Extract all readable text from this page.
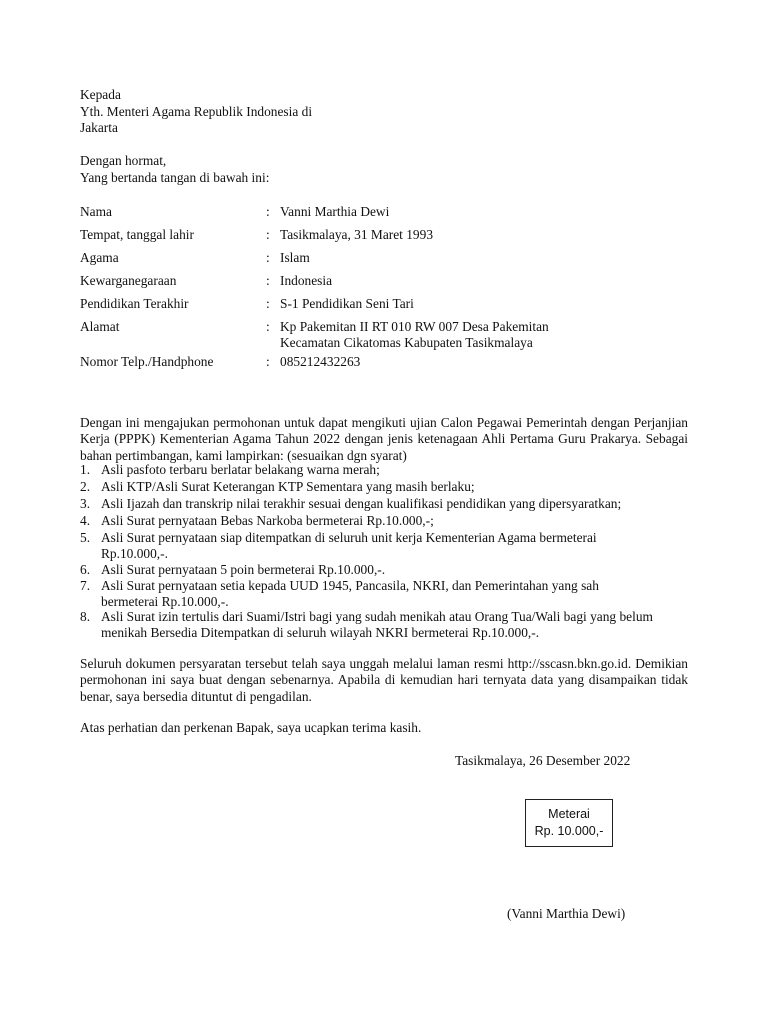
Kepada
Yth. Menteri Agama Republik Indonesia di
Jakarta
Dengan hormat,
Yang bertanda tangan di bawah ini:
Nama	: Vanni Marthia Dewi
Tempat, tanggal lahir	: Tasikmalaya, 31 Maret 1993
Agama	: Islam
Kewarganegaraan	: Indonesia
Pendidikan Terakhir	: S-1 Pendidikan Seni Tari
Alamat	: Kp Pakemitan II RT 010 RW 007 Desa Pakemitan
Kecamatan Cikatomas Kabupaten Tasikmalaya
Nomor Telp./Handphone	: 085212432263
Dengan ini mengajukan permohonan untuk dapat mengikuti ujian Calon Pegawai Pemerintah dengan Perjanjian Kerja (PPPK) Kementerian Agama Tahun 2022 dengan jenis ketenagaan Ahli Pertama Guru Prakarya. Sebagai bahan pertimbangan, kami lampirkan: (sesuaikan dgn syarat)
1. Asli pasfoto terbaru berlatar belakang warna merah;
2. Asli KTP/Asli Surat Keterangan KTP Sementara yang masih berlaku;
3. Asli Ijazah dan transkrip nilai terakhir sesuai dengan kualifikasi pendidikan yang dipersyaratkan;
4. Asli Surat pernyataan Bebas Narkoba bermeterai Rp.10.000,-;
5. Asli Surat pernyataan siap ditempatkan di seluruh unit kerja Kementerian Agama bermeterai
Rp.10.000,-.
6. Asli Surat pernyataan 5 poin bermeterai Rp.10.000,-.
7. Asli Surat pernyataan setia kepada UUD 1945, Pancasila, NKRI, dan Pemerintahan yang sah
bermeterai Rp.10.000,-.
8. Asli Surat izin tertulis dari Suami/Istri bagi yang sudah menikah atau Orang Tua/Wali bagi yang belum
menikah Bersedia Ditempatkan di seluruh wilayah NKRI bermeterai Rp.10.000,-.
Seluruh dokumen persyaratan tersebut telah saya unggah melalui laman resmi http://sscasn.bkn.go.id. Demikian permohonan ini saya buat dengan sebenarnya. Apabila di kemudian hari ternyata data yang disampaikan tidak benar, saya bersedia dituntut di pengadilan.
Atas perhatian dan perkenan Bapak, saya ucapkan terima kasih.
Tasikmalaya, 26 Desember 2022
Meterai
Rp. 10.000,-
(Vanni Marthia Dewi)
